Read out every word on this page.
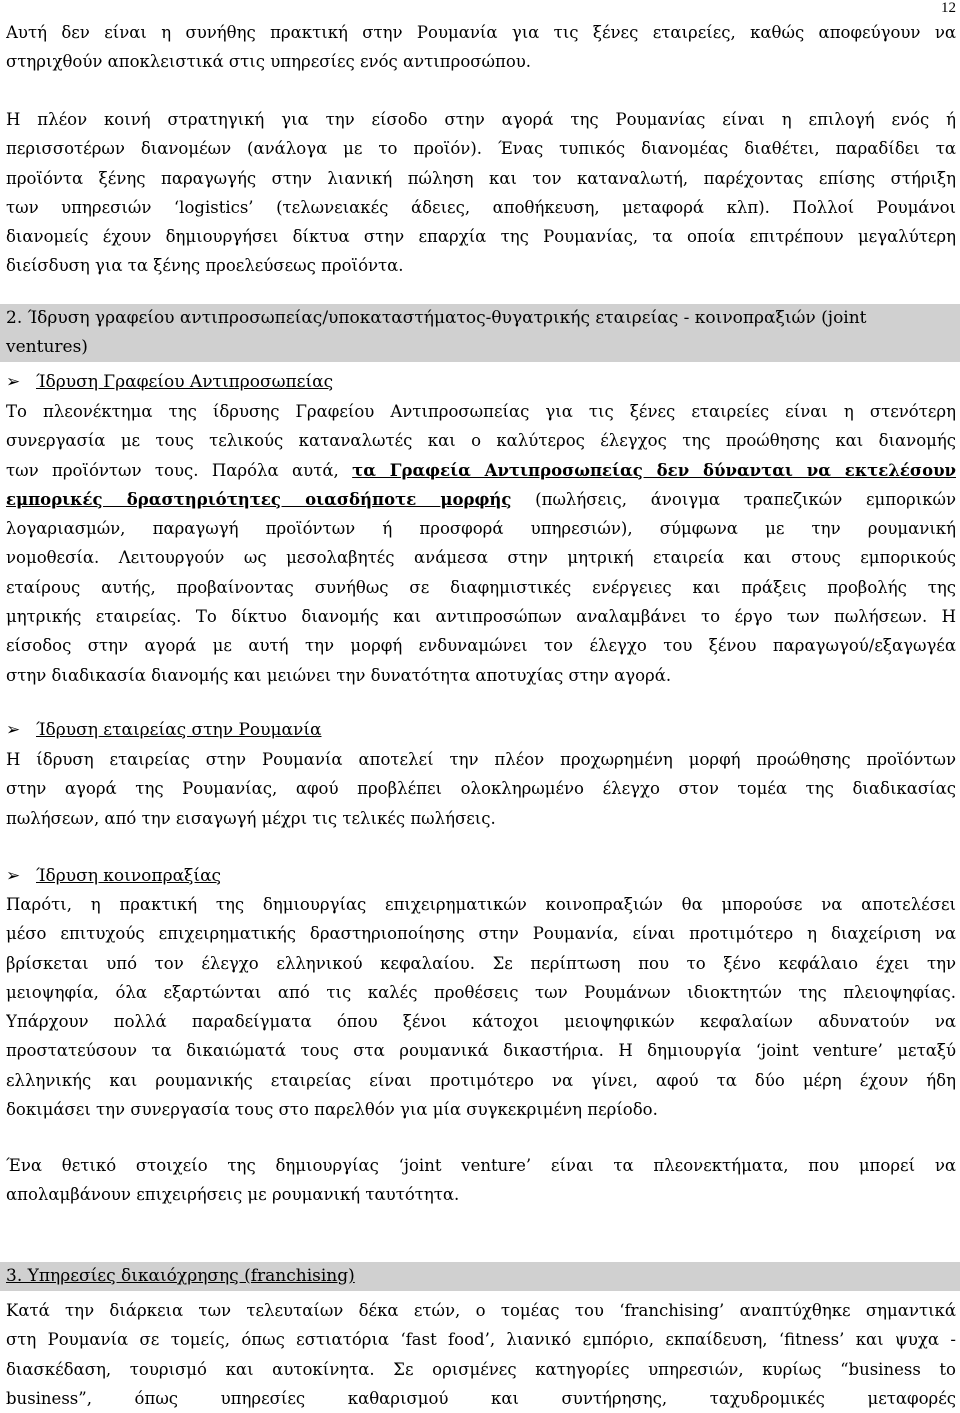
12
Αυτή δεν είναι η συνήθης πρακτική στην Ρουμανία για τις ξένες εταιρείες, καθώς αποφεύγουν να
στηριχθούν αποκλειστικά στις υπηρεσίες ενός αντιπροσώπου.
Η πλέον κοινή στρατηγική για την είσοδο στην αγορά της Ρουμανίας είναι η επιλογή ενός ή
περισσοτέρων διανομέων (ανάλογα με το προϊόν). Ένας τυπικός διανομέας διαθέτει, παραδίδει τα
προϊόντα ξένης παραγωγής στην λιανική πώληση και τον καταναλωτή, παρέχοντας επίσης στήριξη
των υπηρεσιών ‘logistics’ (τελωνειακές άδειες, αποθήκευση, μεταφορά κλπ). Πολλοί Ρουμάνοι
διανομείς έχουν δημιουργήσει δίκτυα στην επαρχία της Ρουμανίας, τα οποία επιτρέπουν μεγαλύτερη
διείσδυση για τα ξένης προελεύσεως προϊόντα.
2. Ίδρυση γραφείου αντιπροσωπείας/υποκαταστήματος-θυγατρικής εταιρείας - κοινοπραξιών (joint
ventures)
➢ Ίδρυση Γραφείου Αντιπροσωπείας
Το πλεονέκτημα της ίδρυσης Γραφείου Αντιπροσωπείας για τις ξένες εταιρείες είναι η στενότερη
συνεργασία με τους τελικούς καταναλωτές και ο καλύτερος έλεγχος της προώθησης και διανομής
των προϊόντων τους. Παρόλα αυτά, τα Γραφεία Αντιπροσωπείας δεν δύνανται να εκτελέσουν
εμπορικές δραστηριότητες οιασδήποτε μορφής (πωλήσεις, άνοιγμα τραπεζικών εμπορικών
λογαριασμών, παραγωγή προϊόντων ή προσφορά υπηρεσιών), σύμφωνα με την ρουμανική
νομοθεσία. Λειτουργούν ως μεσολαβητές ανάμεσα στην μητρική εταιρεία και στους εμπορικούς
εταίρους αυτής, προβαίνοντας συνήθως σε διαφημιστικές ενέργειες και πράξεις προβολής της
μητρικής εταιρείας. Το δίκτυο διανομής και αντιπροσώπων αναλαμβάνει το έργο των πωλήσεων. Η
είσοδος στην αγορά με αυτή την μορφή ενδυναμώνει τον έλεγχο του ξένου παραγωγού/εξαγωγέα
στην διαδικασία διανομής και μειώνει την δυνατότητα αποτυχίας στην αγορά.
➢ Ίδρυση εταιρείας στην Ρουμανία
Η ίδρυση εταιρείας στην Ρουμανία αποτελεί την πλέον προχωρημένη μορφή προώθησης προϊόντων
στην αγορά της Ρουμανίας, αφού προβλέπει ολοκληρωμένο έλεγχο στον τομέα της διαδικασίας
πωλήσεων, από την εισαγωγή μέχρι τις τελικές πωλήσεις.
➢ Ίδρυση κοινοπραξίας
Παρότι, η πρακτική της δημιουργίας επιχειρηματικών κοινοπραξιών θα μπορούσε να αποτελέσει
μέσο επιτυχούς επιχειρηματικής δραστηριοποίησης στην Ρουμανία, είναι προτιμότερο η διαχείριση να
βρίσκεται υπό τον έλεγχο ελληνικού κεφαλαίου. Σε περίπτωση που το ξένο κεφάλαιο έχει την
μειοψηφία, όλα εξαρτώνται από τις καλές προθέσεις των Ρουμάνων ιδιοκτητών της πλειοψηφίας.
Υπάρχουν πολλά παραδείγματα όπου ξένοι κάτοχοι μειοψηφικών κεφαλαίων αδυνατούν να
προστατεύσουν τα δικαιώματά τους στα ρουμανικά δικαστήρια. Η δημιουργία ‘joint venture’ μεταξύ
ελληνικής και ρουμανικής εταιρείας είναι προτιμότερο να γίνει, αφού τα δύο μέρη έχουν ήδη
δοκιμάσει την συνεργασία τους στο παρελθόν για μία συγκεκριμένη περίοδο.
Ένα θετικό στοιχείο της δημιουργίας ‘joint venture’ είναι τα πλεονεκτήματα, που μπορεί να
απολαμβάνουν επιχειρήσεις με ρουμανική ταυτότητα.
3. Υπηρεσίες δικαιόχρησης (franchising)
Κατά την διάρκεια των τελευταίων δέκα ετών, ο τομέας του ‘franchising’ αναπτύχθηκε σημαντικά
στη Ρουμανία σε τομείς, όπως εστιατόρια ‘fast food’, λιανικό εμπόριο, εκπαίδευση, ‘fitness’ και ψυχα -
διασκέδαση, τουρισμό και αυτοκίνητα. Σε ορισμένες κατηγορίες υπηρεσιών, κυρίως “business to
business”, όπως υπηρεσίες καθαρισμού και συντήρησης, ταχυδρομικές μεταφορές
